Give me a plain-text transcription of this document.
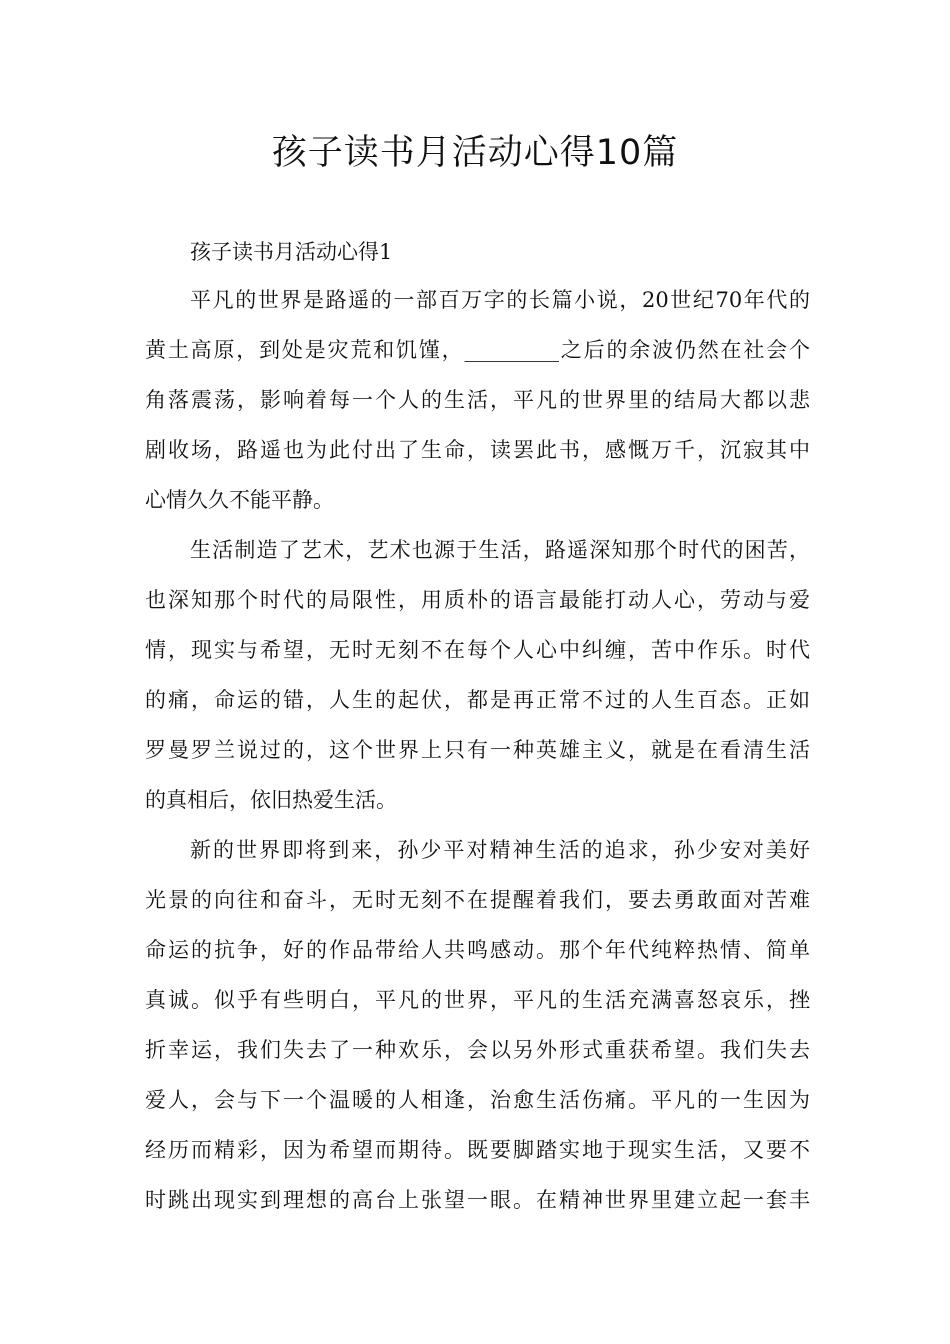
孩子读书月活动心得10篇

孩子读书月活动心得1

平凡的世界是路遥的一部百万字的长篇小说，20世纪70年代的
黄土高原，到处是灾荒和饥馑，_________之后的余波仍然在社会个
角落震荡，影响着每一个人的生活，平凡的世界里的结局大都以悲
剧收场，路遥也为此付出了生命，读罢此书，感慨万千，沉寂其中
心情久久不能平静。
生活制造了艺术，艺术也源于生活，路遥深知那个时代的困苦，
也深知那个时代的局限性，用质朴的语言最能打动人心，劳动与爱
情，现实与希望，无时无刻不在每个人心中纠缠，苦中作乐。时代
的痛，命运的错，人生的起伏，都是再正常不过的人生百态。正如
罗曼罗兰说过的，这个世界上只有一种英雄主义，就是在看清生活
的真相后，依旧热爱生活。
新的世界即将到来，孙少平对精神生活的追求，孙少安对美好
光景的向往和奋斗，无时无刻不在提醒着我们，要去勇敢面对苦难
命运的抗争，好的作品带给人共鸣感动。那个年代纯粹热情、简单
真诚。似乎有些明白，平凡的世界，平凡的生活充满喜怒哀乐，挫
折幸运，我们失去了一种欢乐，会以另外形式重获希望。我们失去
爱人，会与下一个温暖的人相逢，治愈生活伤痛。平凡的一生因为
经历而精彩，因为希望而期待。既要脚踏实地于现实生活，又要不
时跳出现实到理想的高台上张望一眼。在精神世界里建立起一套丰
